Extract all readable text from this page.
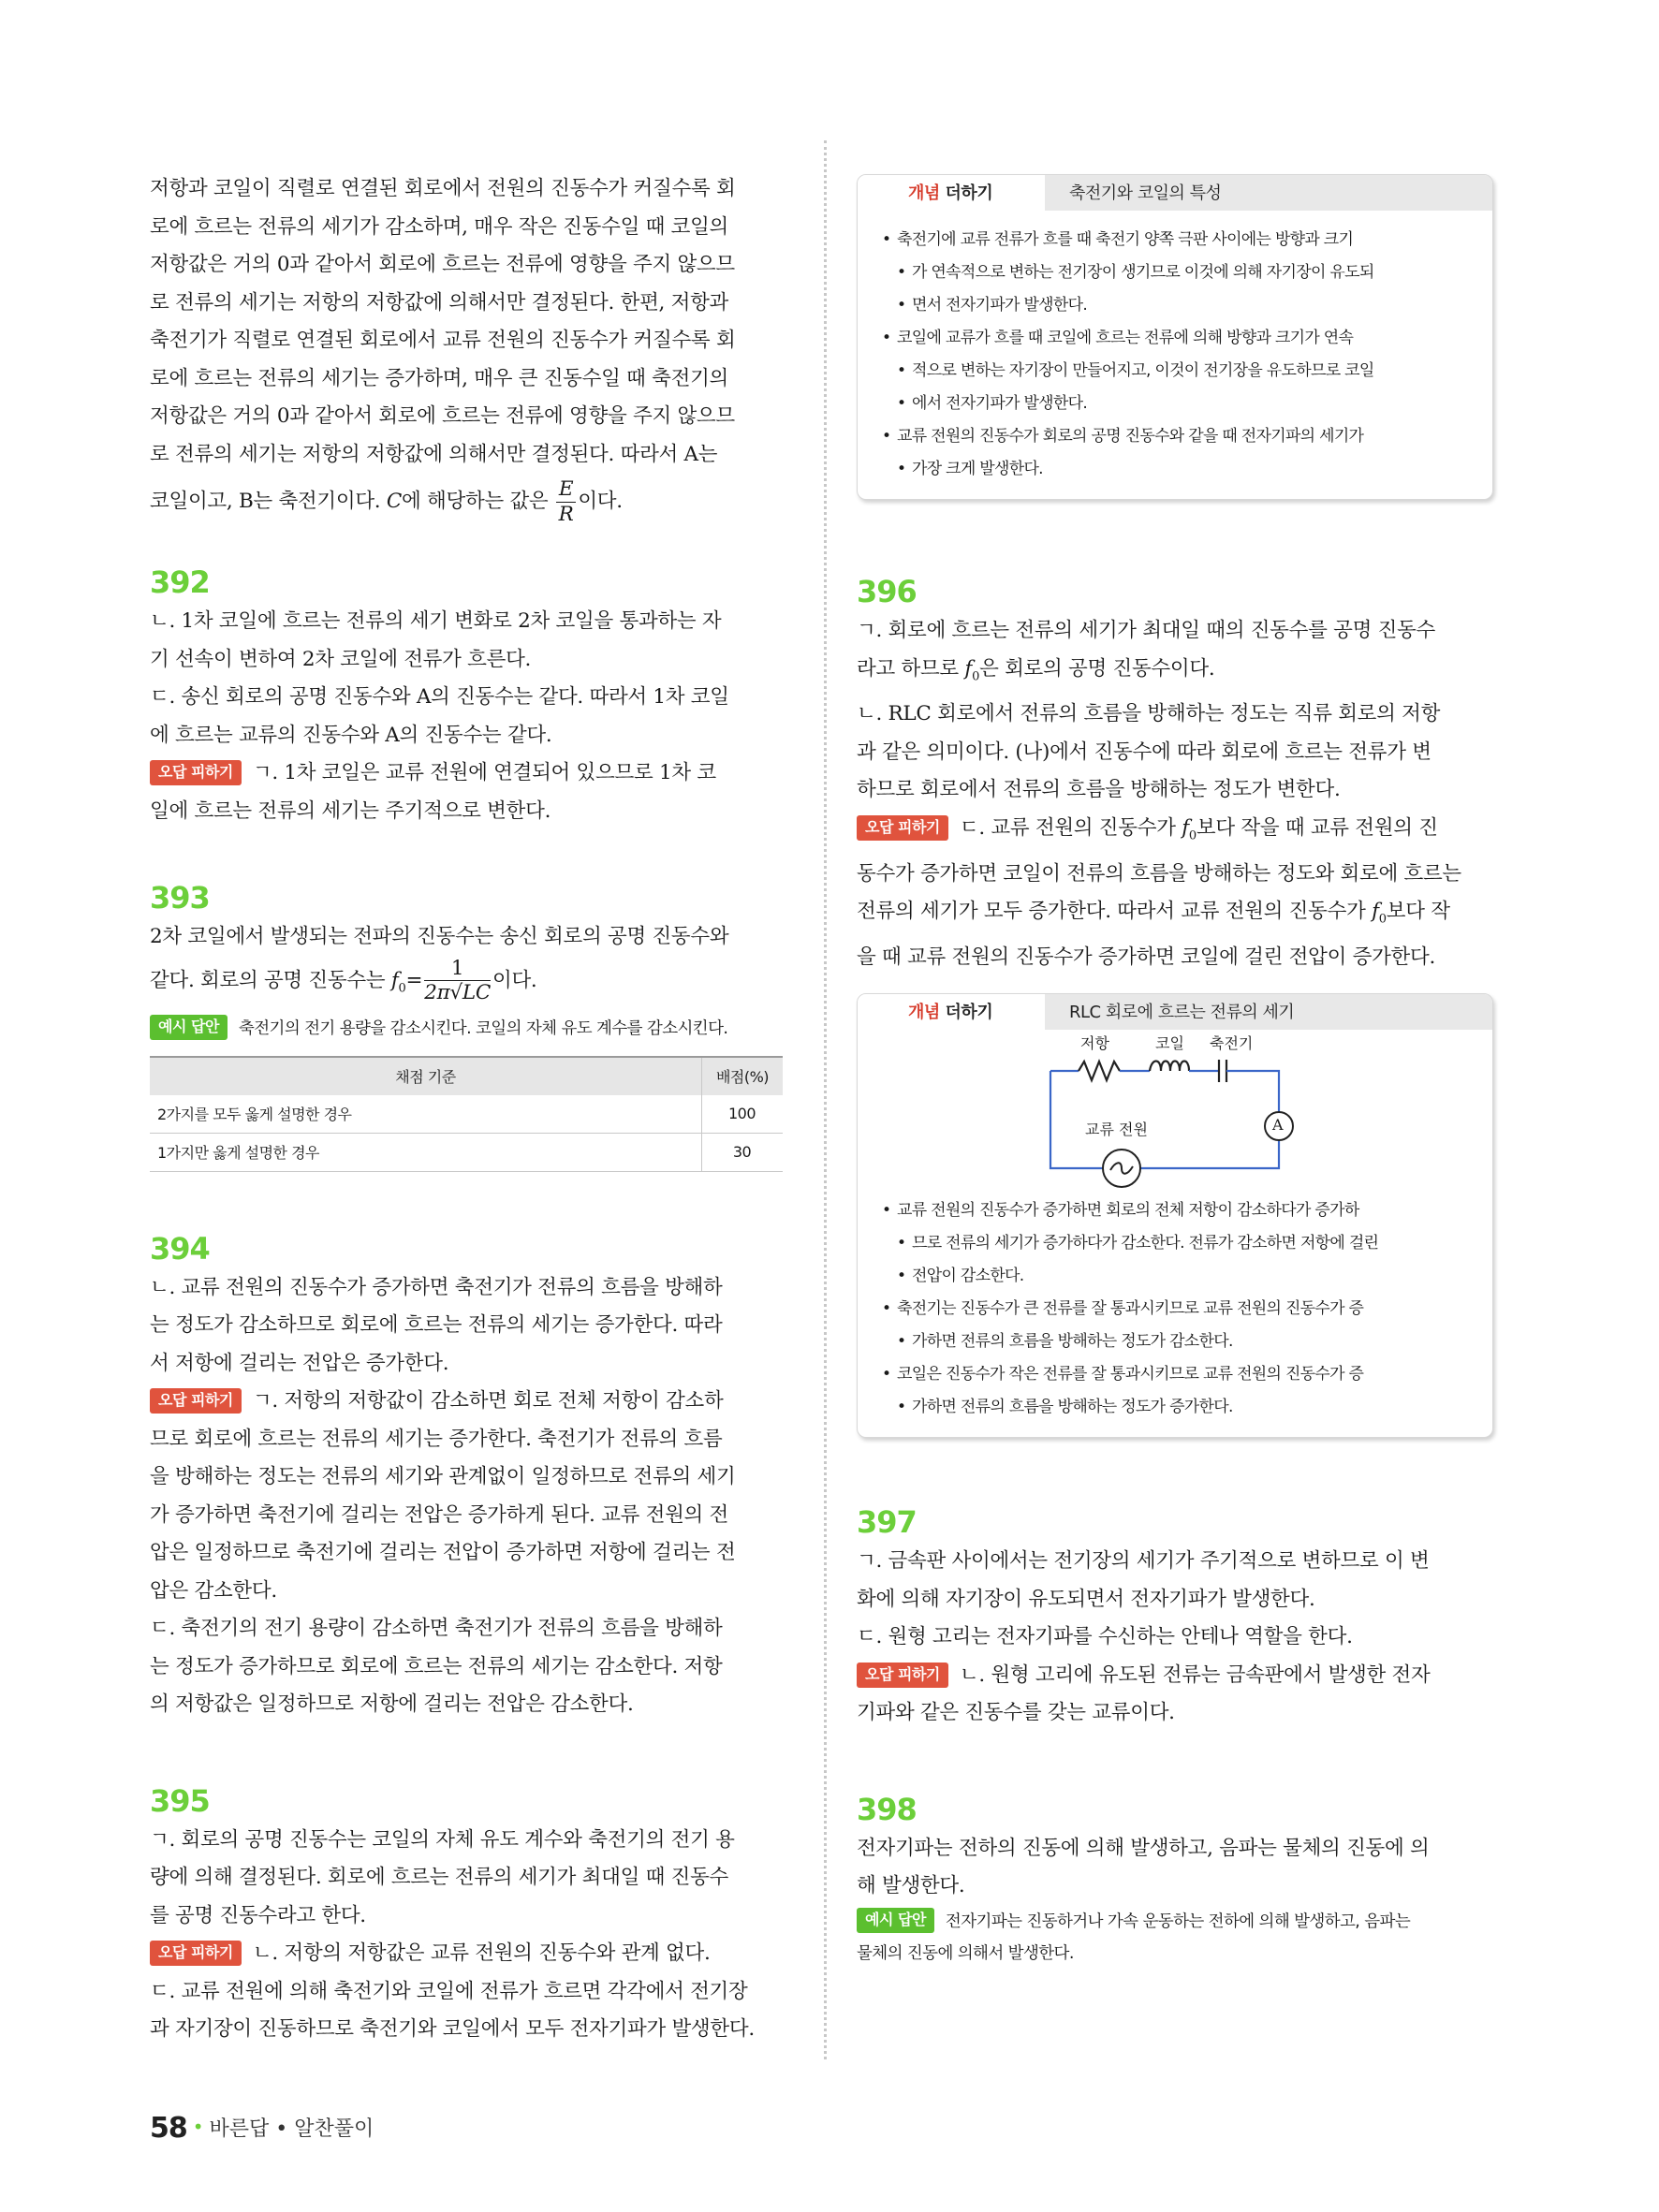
저항과 코일이 직렬로 연결된 회로에서 전원의 진동수가 커질수록 회

로에 흐르는 전류의 세기가 감소하며, 매우 작은 진동수일 때 코일의

저항값은 거의 0과 같아서 회로에 흐르는 전류에 영향을 주지 않으므

로 전류의 세기는 저항의 저항값에 의해서만 결정된다. 한편, 저항과

축전기가 직렬로 연결된 회로에서 교류 전원의 진동수가 커질수록 회

로에 흐르는 전류의 세기는 증가하며, 매우 큰 진동수일 때 축전기의

저항값은 거의 0과 같아서 회로에 흐르는 전류에 영향을 주지 않으므

로 전류의 세기는 저항의 저항값에 의해서만 결정된다. 따라서 A는

코일이고, B는 축전기이다. C에 해당하는 값은 $\frac{E}{R}$ 이다.

392

ㄴ. 1차 코일에 흐르는 전류의 세기 변화로 2차 코일을 통과하는 자

기 선속이 변하여 2차 코일에 전류가 흐른다.

ㄷ. 송신 회로의 공명 진동수와 A의 진동수는 같다. 따라서 1차 코일

에 흐르는 교류의 진동수와 A의 진동수는 같다.

오답 피하기 ㄱ. 1차 코일은 교류 전원에 연결되어 있으므로 1차 코

일에 흐르는 전류의 세기는 주기적으로 변한다.

393

2차 코일에서 발생되는 전파의 진동수는 송신 회로의 공명 진동수와

같다. 회로의 공명 진동수는 $f_0= \frac{1}{2\pi√LC}$ 이다.

예시 답안 축전기의 전기 용량을 감소시킨다. 코일의 자체 유도 계수를 감소시킨다.
채점 기준	배점(%)
2가지를 모두 옳게 설명한 경우	100
1가지만 옳게 설명한 경우	30
394

ㄴ. 교류 전원의 진동수가 증가하면 축전기가 전류의 흐름을 방해하

는 정도가 감소하므로 회로에 흐르는 전류의 세기는 증가한다. 따라

서 저항에 걸리는 전압은 증가한다.

오답 피하기 ㄱ. 저항의 저항값이 감소하면 회로 전체 저항이 감소하

므로 회로에 흐르는 전류의 세기는 증가한다. 축전기가 전류의 흐름

을 방해하는 정도는 전류의 세기와 관계없이 일정하므로 전류의 세기

가 증가하면 축전기에 걸리는 전압은 증가하게 된다. 교류 전원의 전

압은 일정하므로 축전기에 걸리는 전압이 증가하면 저항에 걸리는 전

압은 감소한다.

ㄷ. 축전기의 전기 용량이 감소하면 축전기가 전류의 흐름을 방해하

는 정도가 증가하므로 회로에 흐르는 전류의 세기는 감소한다. 저항

의 저항값은 일정하므로 저항에 걸리는 전압은 감소한다.

395

ㄱ. 회로의 공명 진동수는 코일의 자체 유도 계수와 축전기의 전기 용

량에 의해 결정된다. 회로에 흐르는 전류의 세기가 최대일 때 진동수

를 공명 진동수라고 한다.

오답 피하기 ㄴ. 저항의 저항값은 교류 전원의 진동수와 관계 없다.

ㄷ. 교류 전원에 의해 축전기와 코일에 전류가 흐르면 각각에서 전기장

과 자기장이 진동하므로 축전기와 코일에서 모두 전자기파가 발생한다.

개념 더하기	축전기와 코일의 특성

• 축전기에 교류 전류가 흐를 때 축전기 양쪽 극판 사이에는 방향과 크기

• 가 연속적으로 변하는 전기장이 생기므로 이것에 의해 자기장이 유도되

• 면서 전자기파가 발생한다.

• 코일에 교류가 흐를 때 코일에 흐르는 전류에 의해 방향과 크기가 연속

• 적으로 변하는 자기장이 만들어지고, 이것이 전기장을 유도하므로 코일

• 에서 전자기파가 발생한다.

• 교류 전원의 진동수가 회로의 공명 진동수와 같을 때 전자기파의 세기가

• 가장 크게 발생한다.

396

ㄱ. 회로에 흐르는 전류의 세기가 최대일 때의 진동수를 공명 진동수

라고 하므로 $f_0$은 회로의 공명 진동수이다.

ㄴ. RLC 회로에서 전류의 흐름을 방해하는 정도는 직류 회로의 저항

과 같은 의미이다. (나)에서 진동수에 따라 회로에 흐르는 전류가 변

하므로 회로에서 전류의 흐름을 방해하는 정도가 변한다.

오답 피하기 ㄷ. 교류 전원의 진동수가 $f_0$보다 작을 때 교류 전원의 진

동수가 증가하면 코일이 전류의 흐름을 방해하는 정도와 회로에 흐르는

전류의 세기가 모두 증가한다. 따라서 교류 전원의 진동수가 $f_0$보다 작

을 때 교류 전원의 진동수가 증가하면 코일에 걸린 전압이 증가한다.

개념 더하기	RLC 회로에 흐르는 전류의 세기
저항	코일 축전기
A
교류 전원

• 교류 전원의 진동수가 증가하면 회로의 전체 저항이 감소하다가 증가하

• 므로 전류의 세기가 증가하다가 감소한다. 전류가 감소하면 저항에 걸린

• 전압이 감소한다.

• 축전기는 진동수가 큰 전류를 잘 통과시키므로 교류 전원의 진동수가 증

• 가하면 전류의 흐름을 방해하는 정도가 감소한다.

• 코일은 진동수가 작은 전류를 잘 통과시키므로 교류 전원의 진동수가 증

• 가하면 전류의 흐름을 방해하는 정도가 증가한다.

397

ㄱ. 금속판 사이에서는 전기장의 세기가 주기적으로 변하므로 이 변

화에 의해 자기장이 유도되면서 전자기파가 발생한다.

ㄷ. 원형 고리는 전자기파를 수신하는 안테나 역할을 한다.

오답 피하기 ㄴ. 원형 고리에 유도된 전류는 금속판에서 발생한 전자

기파와 같은 진동수를 갖는 교류이다.

398

전자기파는 전하의 진동에 의해 발생하고, 음파는 물체의 진동에 의

해 발생한다.

예시 답안 전자기파는 진동하거나 가속 운동하는 전하에 의해 발생하고, 음파는
물체의 진동에 의해서 발생한다.
58 • 바른답 • 알찬풀이
